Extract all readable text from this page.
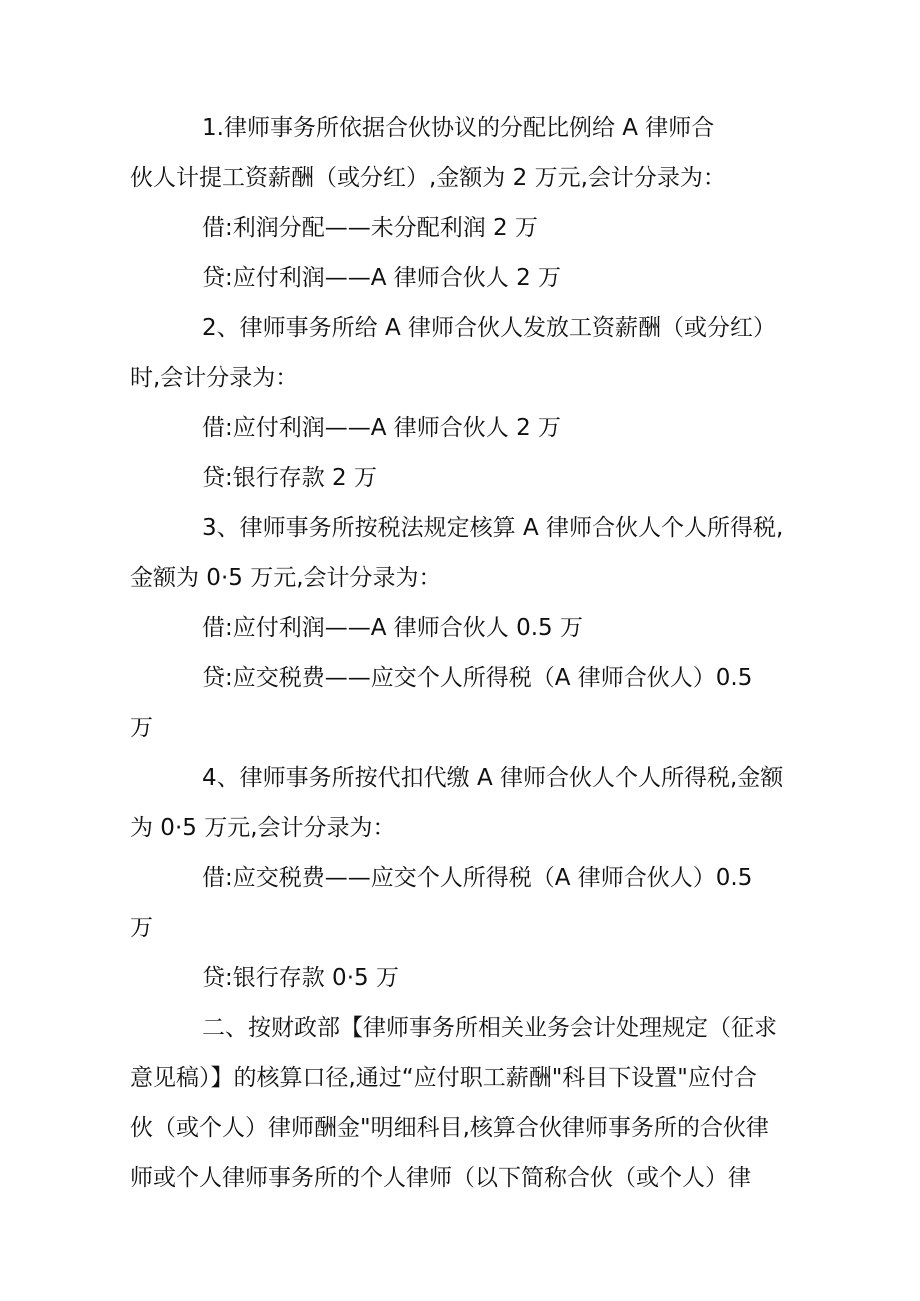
1.律师事务所依据合伙协议的分配比例给 A 律师合
伙人计提工资薪酬（或分红）,金额为 2 万元,会计分录为：
借:利润分配——未分配利润 2 万
贷:应付利润——A 律师合伙人 2 万
2、律师事务所给 A 律师合伙人发放工资薪酬（或分红）
时,会计分录为：
借:应付利润——A 律师合伙人 2 万
贷:银行存款 2 万
3、律师事务所按税法规定核算 A 律师合伙人个人所得税,
金额为 0·5 万元,会计分录为：
借:应付利润——A 律师合伙人 0.5 万
贷:应交税费——应交个人所得税（A 律师合伙人）0.5
万
4、律师事务所按代扣代缴 A 律师合伙人个人所得税,金额
为 0·5 万元,会计分录为：
借:应交税费——应交个人所得税（A 律师合伙人）0.5
万
贷:银行存款 0·5 万
二、按财政部【律师事务所相关业务会计处理规定（征求
意见稿）】的核算口径,通过“应付职工薪酬"科目下设置"应付合
伙（或个人）律师酬金"明细科目,核算合伙律师事务所的合伙律
师或个人律师事务所的个人律师（以下简称合伙（或个人）律
